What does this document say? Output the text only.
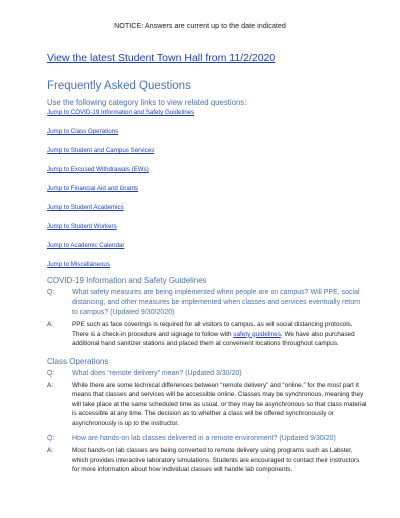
NOTICE: Answers are current up to the date indicated
View the latest Student Town Hall from 11/2/2020
Frequently Asked Questions
Use the following category links to view related questions:
Jump to COVID-19 Information and Safety Guidelines
Jump to Class Operations
Jump to Student and Campus Services
Jump to Excused Withdrawals (EWs)
Jump to Financial Aid and Grants
Jump to Student Academics
Jump to Student Workers
Jump to Academic Calendar
Jump to Miscellaneous
COVID-19 Information and Safety Guidelines
Q:	What safety measures are being implemented when people are on campus? Will PPE, social distancing, and other measures be implemented when classes and services eventually return to campus? (Updated 9/30/2020)
A:	PPE such as face coverings is required for all visitors to campus, as will social distancing protocols. There is a check-in procedure and signage to follow with safety guidelines. We have also purchased additional hand sanitizer stations and placed them at convenient locations throughout campus.
Class Operations
Q:	What does “remote delivery” mean? (Updated 3/30/20)
A:	While there are some technical differences between “remote delivery” and “online,” for the most part it means that classes and services will be accessible online. Classes may be synchronous, meaning they will take place at the same scheduled time as usual, or they may be asynchronous so that class material is accessible at any time. The decision as to whether a class will be offered synchronously or asynchronously is up to the instructor.
Q:	How are hands-on lab classes delivered in a remote environment? (Updated 9/30/20)
A:	Most hands-on lab classes are being converted to remote delivery using programs such as Labster, which provides interactive laboratory simulations. Students are encouraged to contact their instructors for more information about how individual classes will handle lab components.
